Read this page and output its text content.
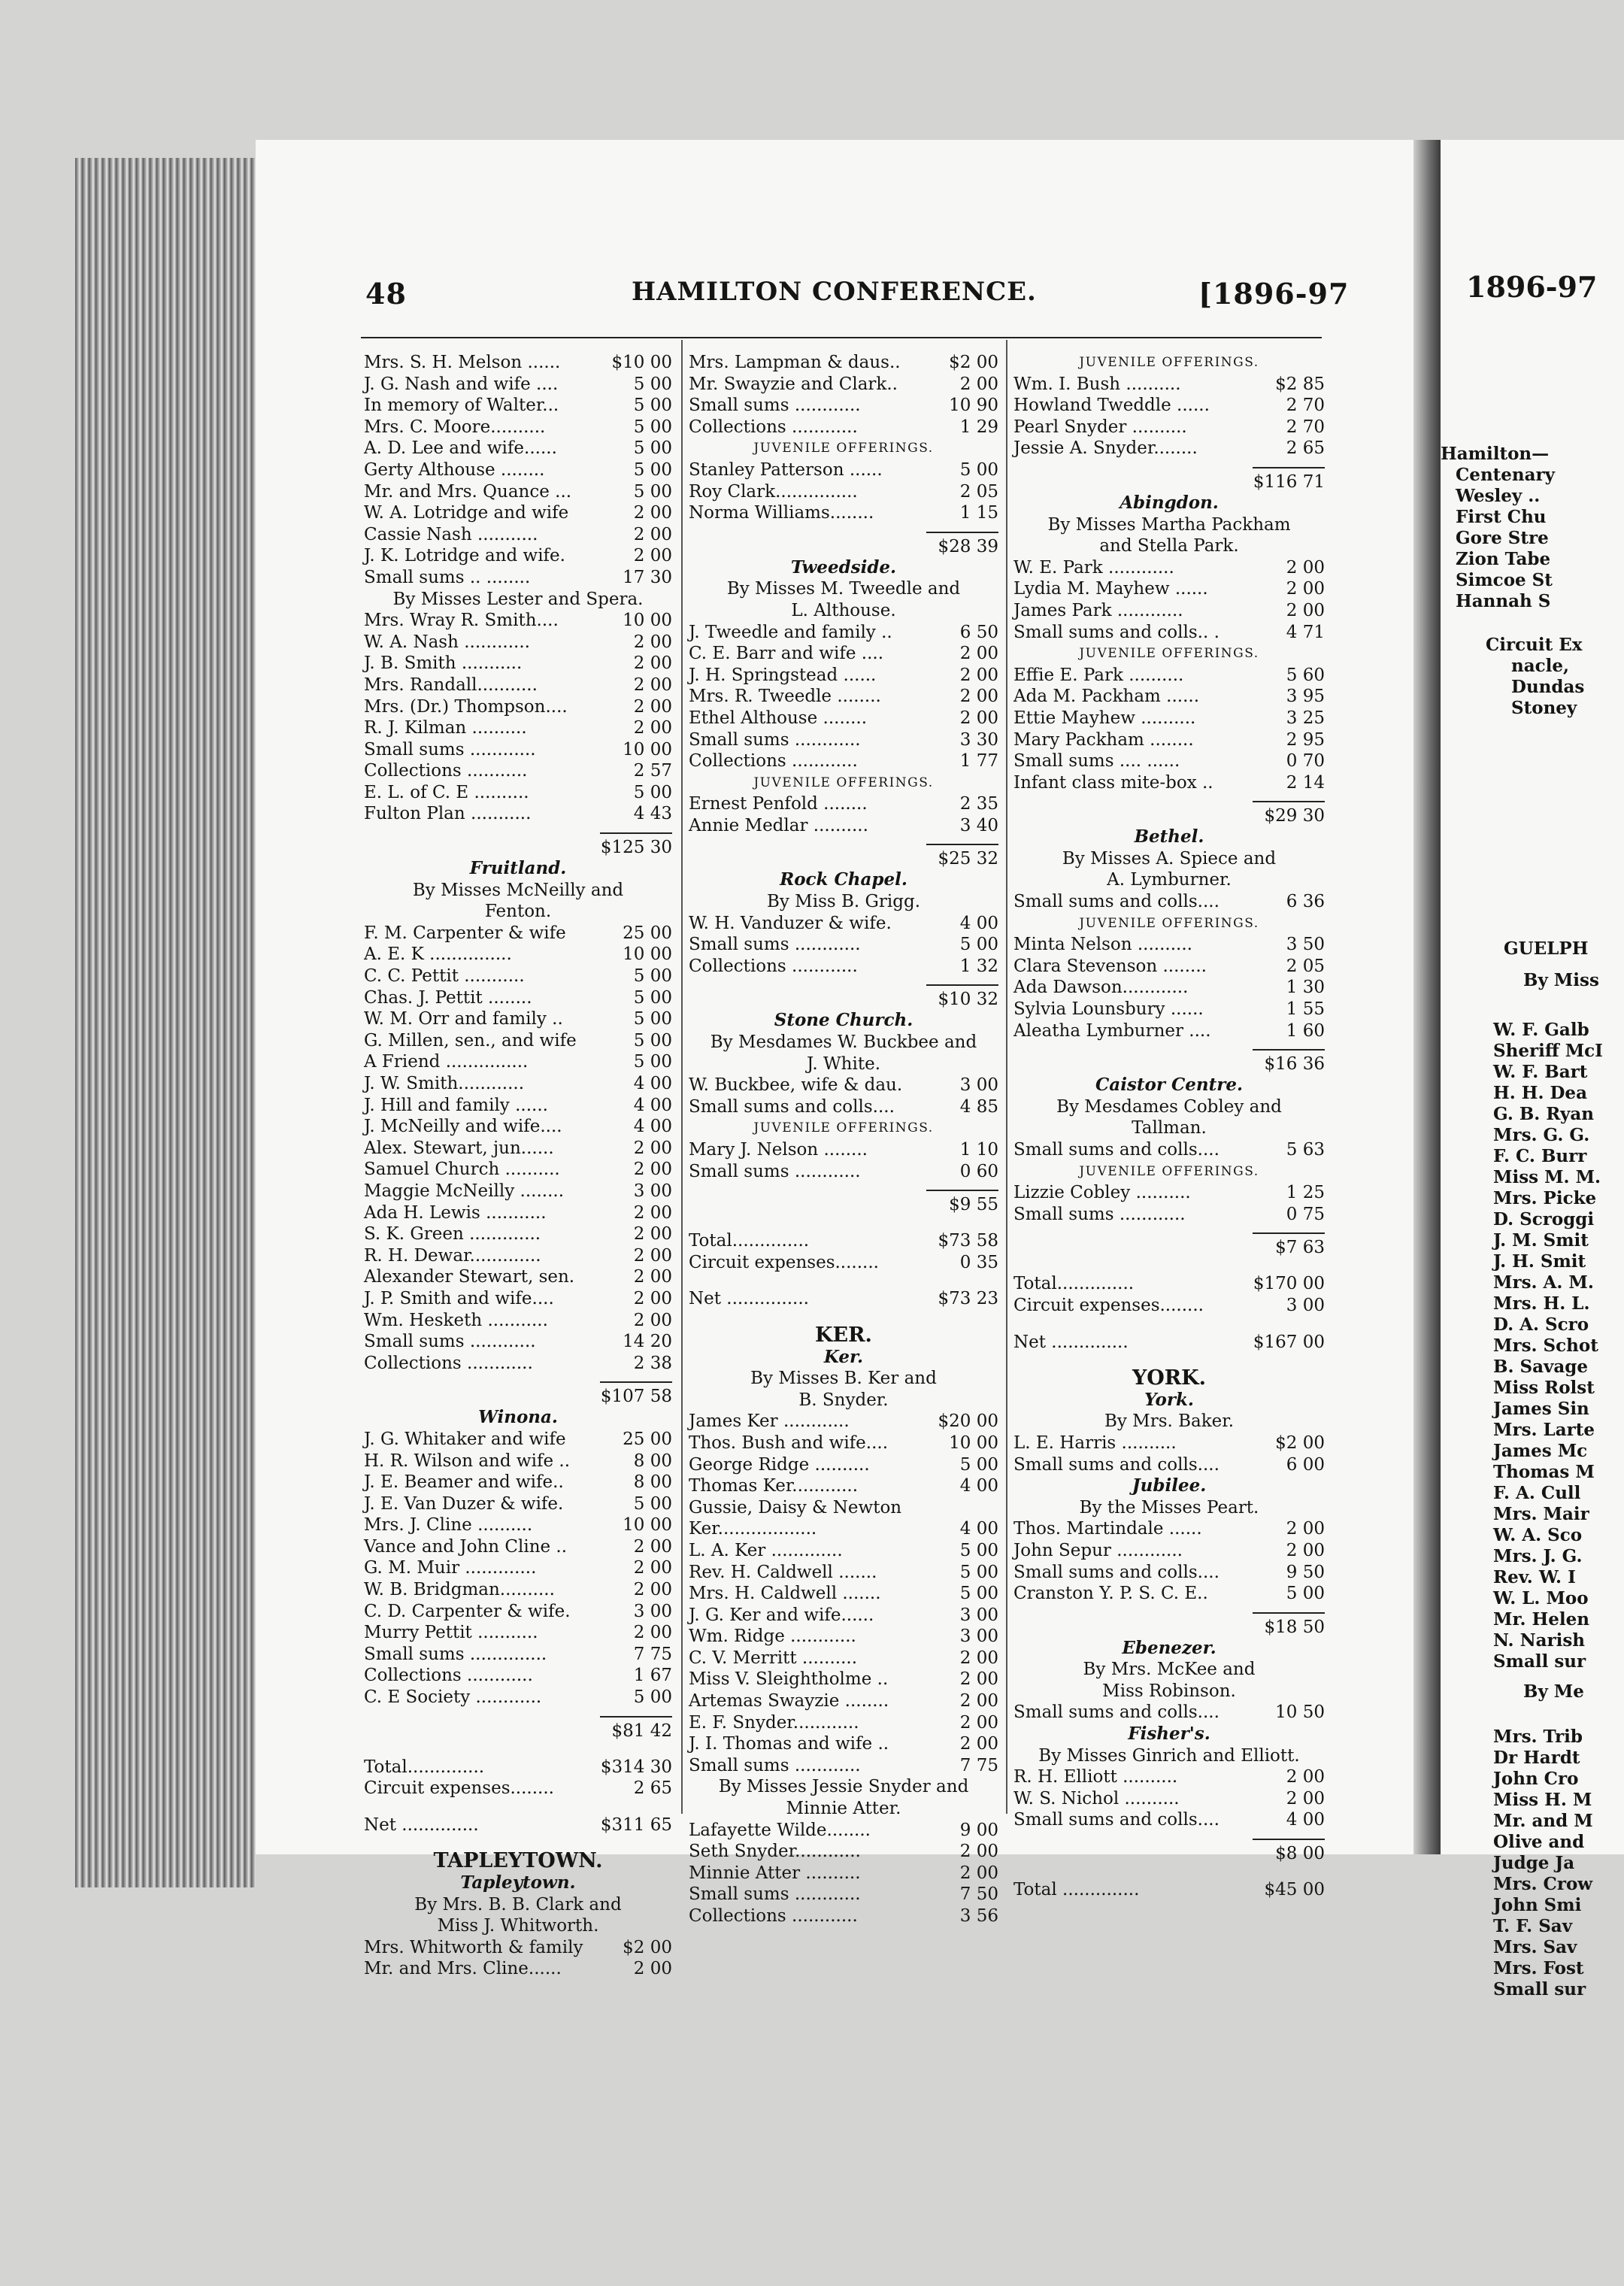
1896-97
Hamilton—
Centenary
Wesley ..
First Chu
Gore Stre
Zion Tabe
Simcoe St
Hannah S
Circuit Ex
nacle,
Dundas
Stoney
GUELPH
By Miss
W. F. Galb
Sheriff McI
W. F. Bart
H. H. Dea
G. B. Ryan
Mrs. G. G.
F. C. Burr
Miss M. M.
Mrs. Picke
D. Scroggi
J. M. Smit
J. H. Smit
Mrs. A. M.
Mrs. H. L.
D. A. Scro
Mrs. Schot
B. Savage
Miss Rolst
James Sin
Mrs. Larte
James Mc
Thomas M
F. A. Cull
Mrs. Mair
W. A. Sco
Mrs. J. G.
Rev. W. I
W. L. Moo
Mr. Helen
N. Narish
Small sur
By Me
Mrs. Trib
Dr Hardt
John Cro
Miss H. M
Mr. and M
Olive and
Judge Ja
Mrs. Crow
John Smi
T. F. Sav
Mrs. Sav
Mrs. Fost
Small sur
48	HAMILTON CONFERENCE.	[1896-97
Mrs. S. H. Melson ......	$10 00
J. G. Nash and wife ....	5 00
In memory of Walter...	5 00
Mrs. C. Moore..........	5 00
A. D. Lee and wife......	5 00
Gerty Althouse ........	5 00
Mr. and Mrs. Quance ...	5 00
W. A. Lotridge and wife	2 00
Cassie Nash ...........	2 00
J. K. Lotridge and wife.	2 00
Small sums .. ........	17 30
By Misses Lester and Spera.
Mrs. Wray R. Smith....	10 00
W. A. Nash ............	2 00
J. B. Smith ...........	2 00
Mrs. Randall...........	2 00
Mrs. (Dr.) Thompson....	2 00
R. J. Kilman ..........	2 00
Small sums ............	10 00
Collections ...........	2 57
E. L. of C. E ..........	5 00
Fulton Plan ...........	4 43
$125 30
Fruitland.
By Misses McNeilly and
Fenton.
F. M. Carpenter & wife	25 00
A. E. K ...............	10 00
C. C. Pettit ...........	5 00
Chas. J. Pettit ........	5 00
W. M. Orr and family ..	5 00
G. Millen, sen., and wife	5 00
A Friend ...............	5 00
J. W. Smith............	4 00
J. Hill and family ......	4 00
J. McNeilly and wife....	4 00
Alex. Stewart, jun......	2 00
Samuel Church ..........	2 00
Maggie McNeilly ........	3 00
Ada H. Lewis ...........	2 00
S. K. Green .............	2 00
R. H. Dewar.............	2 00
Alexander Stewart, sen.	2 00
J. P. Smith and wife....	2 00
Wm. Hesketh ...........	2 00
Small sums ............	14 20
Collections ............	2 38
$107 58
Winona.
J. G. Whitaker and wife	25 00
H. R. Wilson and wife ..	8 00
J. E. Beamer and wife..	8 00
J. E. Van Duzer & wife.	5 00
Mrs. J. Cline ..........	10 00
Vance and John Cline ..	2 00
G. M. Muir .............	2 00
W. B. Bridgman..........	2 00
C. D. Carpenter & wife.	3 00
Murry Pettit ...........	2 00
Small sums ..............	7 75
Collections ............	1 67
C. E Society ............	5 00
$81 42
Total..............	$314 30
Circuit expenses........	2 65
Net ..............	$311 65
TAPLEYTOWN.
Tapleytown.
By Mrs. B. B. Clark and
Miss J. Whitworth.
Mrs. Whitworth & family $2 00
Mr. and Mrs. Cline......	2 00
Mrs. Lampman & daus..	$2 00
Mr. Swayzie and Clark..	2 00
Small sums ............	10 90
Collections ............	1 29
JUVENILE OFFERINGS.
Stanley Patterson ......	5 00
Roy Clark...............	2 05
Norma Williams........	1 15
$28 39
Tweedside.
By Misses M. Tweedle and
L. Althouse.
J. Tweedle and family ..	6 50
C. E. Barr and wife ....	2 00
J. H. Springstead ......	2 00
Mrs. R. Tweedle ........	2 00
Ethel Althouse ........	2 00
Small sums ............	3 30
Collections ............	1 77
JUVENILE OFFERINGS.
Ernest Penfold ........	2 35
Annie Medlar ..........	3 40
$25 32
Rock Chapel.
By Miss B. Grigg.
W. H. Vanduzer & wife.	4 00
Small sums ............	5 00
Collections ............	1 32
$10 32
Stone Church.
By Mesdames W. Buckbee and
J. White.
W. Buckbee, wife & dau.	3 00
Small sums and colls....	4 85
JUVENILE OFFERINGS.
Mary J. Nelson ........	1 10
Small sums ............	0 60
$9 55
Total..............	$73 58
Circuit expenses........	0 35
Net ...............	$73 23
KER.
Ker.
By Misses B. Ker and
B. Snyder.
James Ker ............	$20 00
Thos. Bush and wife....	10 00
George Ridge ..........	5 00
Thomas Ker............	4 00
Gussie, Daisy & Newton
Ker..................	4 00
L. A. Ker .............	5 00
Rev. H. Caldwell .......	5 00
Mrs. H. Caldwell .......	5 00
J. G. Ker and wife......	3 00
Wm. Ridge ............	3 00
C. V. Merritt ..........	2 00
Miss V. Sleightholme ..	2 00
Artemas Swayzie ........	2 00
E. F. Snyder............	2 00
J. I. Thomas and wife ..	2 00
Small sums ............	7 75
By Misses Jessie Snyder and
Minnie Atter.
Lafayette Wilde........	9 00
Seth Snyder............	2 00
Minnie Atter ..........	2 00
Small sums ............	7 50
Collections ............	3 56
JUVENILE OFFERINGS.
Wm. I. Bush ..........	$2 85
Howland Tweddle ......	2 70
Pearl Snyder ..........	2 70
Jessie A. Snyder........	2 65
$116 71
Abingdon.
By Misses Martha Packham
and Stella Park.
W. E. Park ............	2 00
Lydia M. Mayhew ......	2 00
James Park ............	2 00
Small sums and colls.. .	4 71
JUVENILE OFFERINGS.
Effie E. Park ..........	5 60
Ada M. Packham ......	3 95
Ettie Mayhew ..........	3 25
Mary Packham ........	2 95
Small sums .... ......	0 70
Infant class mite-box ..	2 14
$29 30
Bethel.
By Misses A. Spiece and
A. Lymburner.
Small sums and colls....	6 36
JUVENILE OFFERINGS.
Minta Nelson ..........	3 50
Clara Stevenson ........	2 05
Ada Dawson............	1 30
Sylvia Lounsbury ......	1 55
Aleatha Lymburner ....	1 60
$16 36
Caistor Centre.
By Mesdames Cobley and
Tallman.
Small sums and colls....	5 63
JUVENILE OFFERINGS.
Lizzie Cobley ..........	1 25
Small sums ............	0 75
$7 63
Total..............	$170 00
Circuit expenses........	3 00
Net ..............	$167 00
YORK.
York.
By Mrs. Baker.
L. E. Harris ..........	$2 00
Small sums and colls....	6 00
Jubilee.
By the Misses Peart.
Thos. Martindale ......	2 00
John Sepur ............	2 00
Small sums and colls....	9 50
Cranston Y. P. S. C. E..	5 00
$18 50
Ebenezer.
By Mrs. McKee and
Miss Robinson.
Small sums and colls....	10 50
Fisher's.
By Misses Ginrich and Elliott.
R. H. Elliott ..........	2 00
W. S. Nichol ..........	2 00
Small sums and colls....	4 00
$8 00
Total ..............	$45 00
